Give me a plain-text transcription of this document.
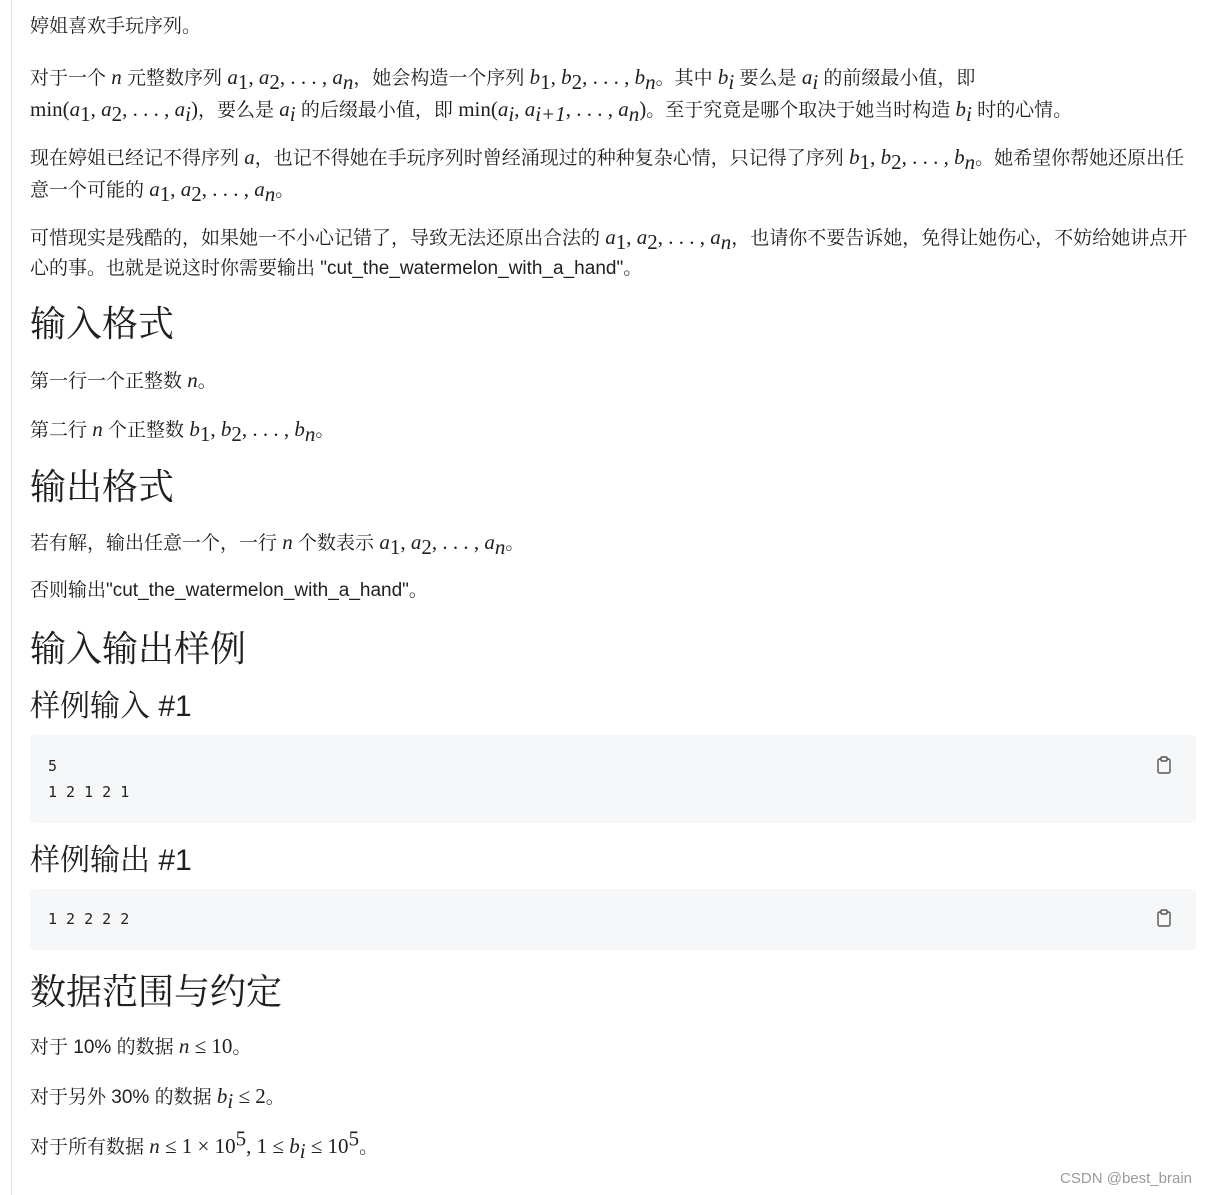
婷姐喜欢手玩序列。

对于一个 n 元整数序列 $a_1$, $a_2$, . . . , $a_n$，她会构造一个序列 $b_1$, $b_2$, . . . , $b_n$。其中 $b_i$ 要么是 $a_i$ 的前缀最小值，即
$\min(a_1$, $a_2$, . . . , $a_i$)，要么是 $a_i$ 的后缀最小值，即 $\min(a_i$, $a_{i+1}$, . . . , $a_n$)。至于究竟是哪个取决于她当时构造 $b_i$ 时的心情。

现在婷姐已经记不得序列 a，也记不得她在手玩序列时曾经涌现过的种种复杂心情，只记得了序列 $b_1$, $b_2$, . . . , $b_n$。她希望你帮她还原出任意一个可能的 $a_1$, $a_2$, . . . , $a_n$。

可惜现实是残酷的，如果她一不小心记错了，导致无法还原出合法的 $a_1$, $a_2$, . . . , $a_n$，也请你不要告诉她，免得让她伤心，不妨给她讲点开心的事。也就是说这时你需要输出 "cut_the_watermelon_with_a_hand"。

输入格式

第一行一个正整数 n。

第二行 n 个正整数 $b_1$, $b_2$, . . . , $b_n$。

输出格式

若有解，输出任意一个，一行 n 个数表示 $a_1$, $a_2$, . . . , $a_n$。

否则输出"cut_the_watermelon_with_a_hand"。

输入输出样例
样例输入 #1
5
1 2 1 2 1
样例输出 #1
1 2 2 2 2
数据范围与约定

对于 10% 的数据 n ≤ 10。

对于另外 30% 的数据 $b_i \le 2$。

对于所有数据 $n \le 1 \times 10^5$, $1 \le b_i \le 10^5$。

CSDN @best_brain
